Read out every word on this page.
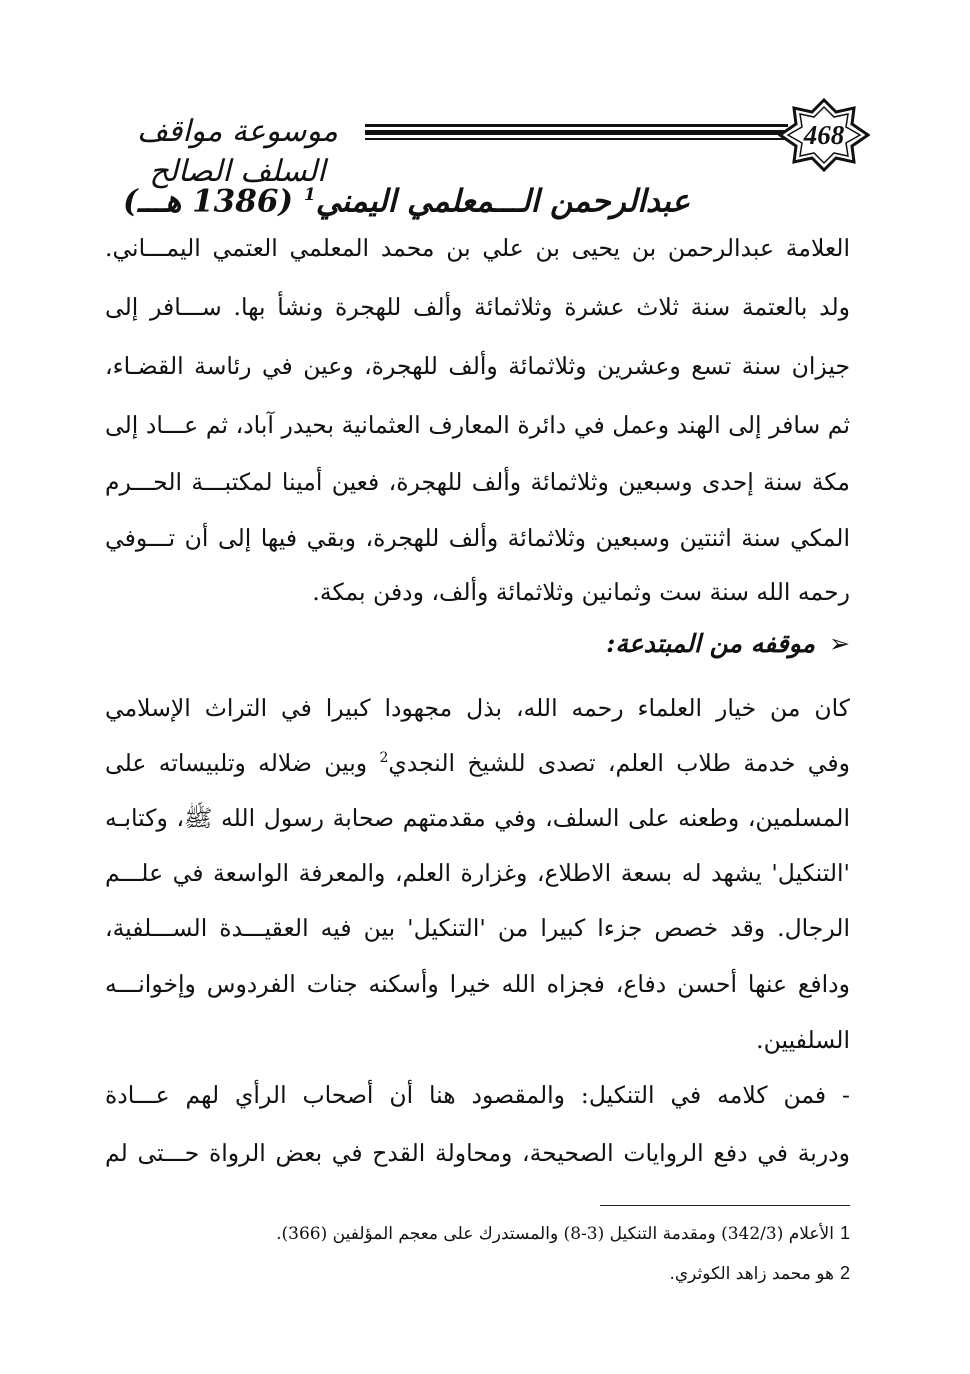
موسوعة مواقف السلف الصالح
468
عبدالرحمن الـــمعلمي اليمني$^1$ (1386 هـــ)
العلامة عبدالرحمن بن يحيى بن علي بن محمد المعلمي العتمي اليمـــاني.
ولد بالعتمة سنة ثلاث عشرة وثلاثمائة وألف للهجرة ونشأ بها. ســـافر إلى
جيزان سنة تسع وعشرين وثلاثمائة وألف للهجرة، وعين في رئاسة القضـاء،
ثم سافر إلى الهند وعمل في دائرة المعارف العثمانية بحيدر آباد، ثم عـــاد إلى
مكة سنة إحدى وسبعين وثلاثمائة وألف للهجرة، فعين أمينا لمكتبـــة الحـــرم
المكي سنة اثنتين وسبعين وثلاثمائة وألف للهجرة، وبقي فيها إلى أن تـــوفي
رحمه الله سنة ست وثمانين وثلاثمائة وألف، ودفن بمكة.
➢موقفه من المبتدعة:
كان من خيار العلماء رحمه الله، بذل مجهودا كبيرا في التراث الإسلامي
وفي خدمة طلاب العلم، تصدى للشيخ النجدي$^2$ وبين ضلاله وتلبيساته على
المسلمين، وطعنه على السلف، وفي مقدمتهم صحابة رسول الله ﷺ، وكتابـه
'التنكيل' يشهد له بسعة الاطلاع، وغزارة العلم، والمعرفة الواسعة في علـــم
الرجال. وقد خصص جزءا كبيرا من 'التنكيل' بين فيه العقيـــدة الســـلفية،
ودافع عنها أحسن دفاع، فجزاه الله خيرا وأسكنه جنات الفردوس وإخوانـــه
السلفيين.
- فمن كلامه في التنكيل: والمقصود هنا أن أصحاب الرأي لهم عـــادة
ودربة في دفع الروايات الصحيحة، ومحاولة القدح في بعض الرواة حـــتى لم
1الأعلام (342/3) ومقدمة التنكيل (3-8) والمستدرك على معجم المؤلفين (366).
2هو محمد زاهد الكوثري.
